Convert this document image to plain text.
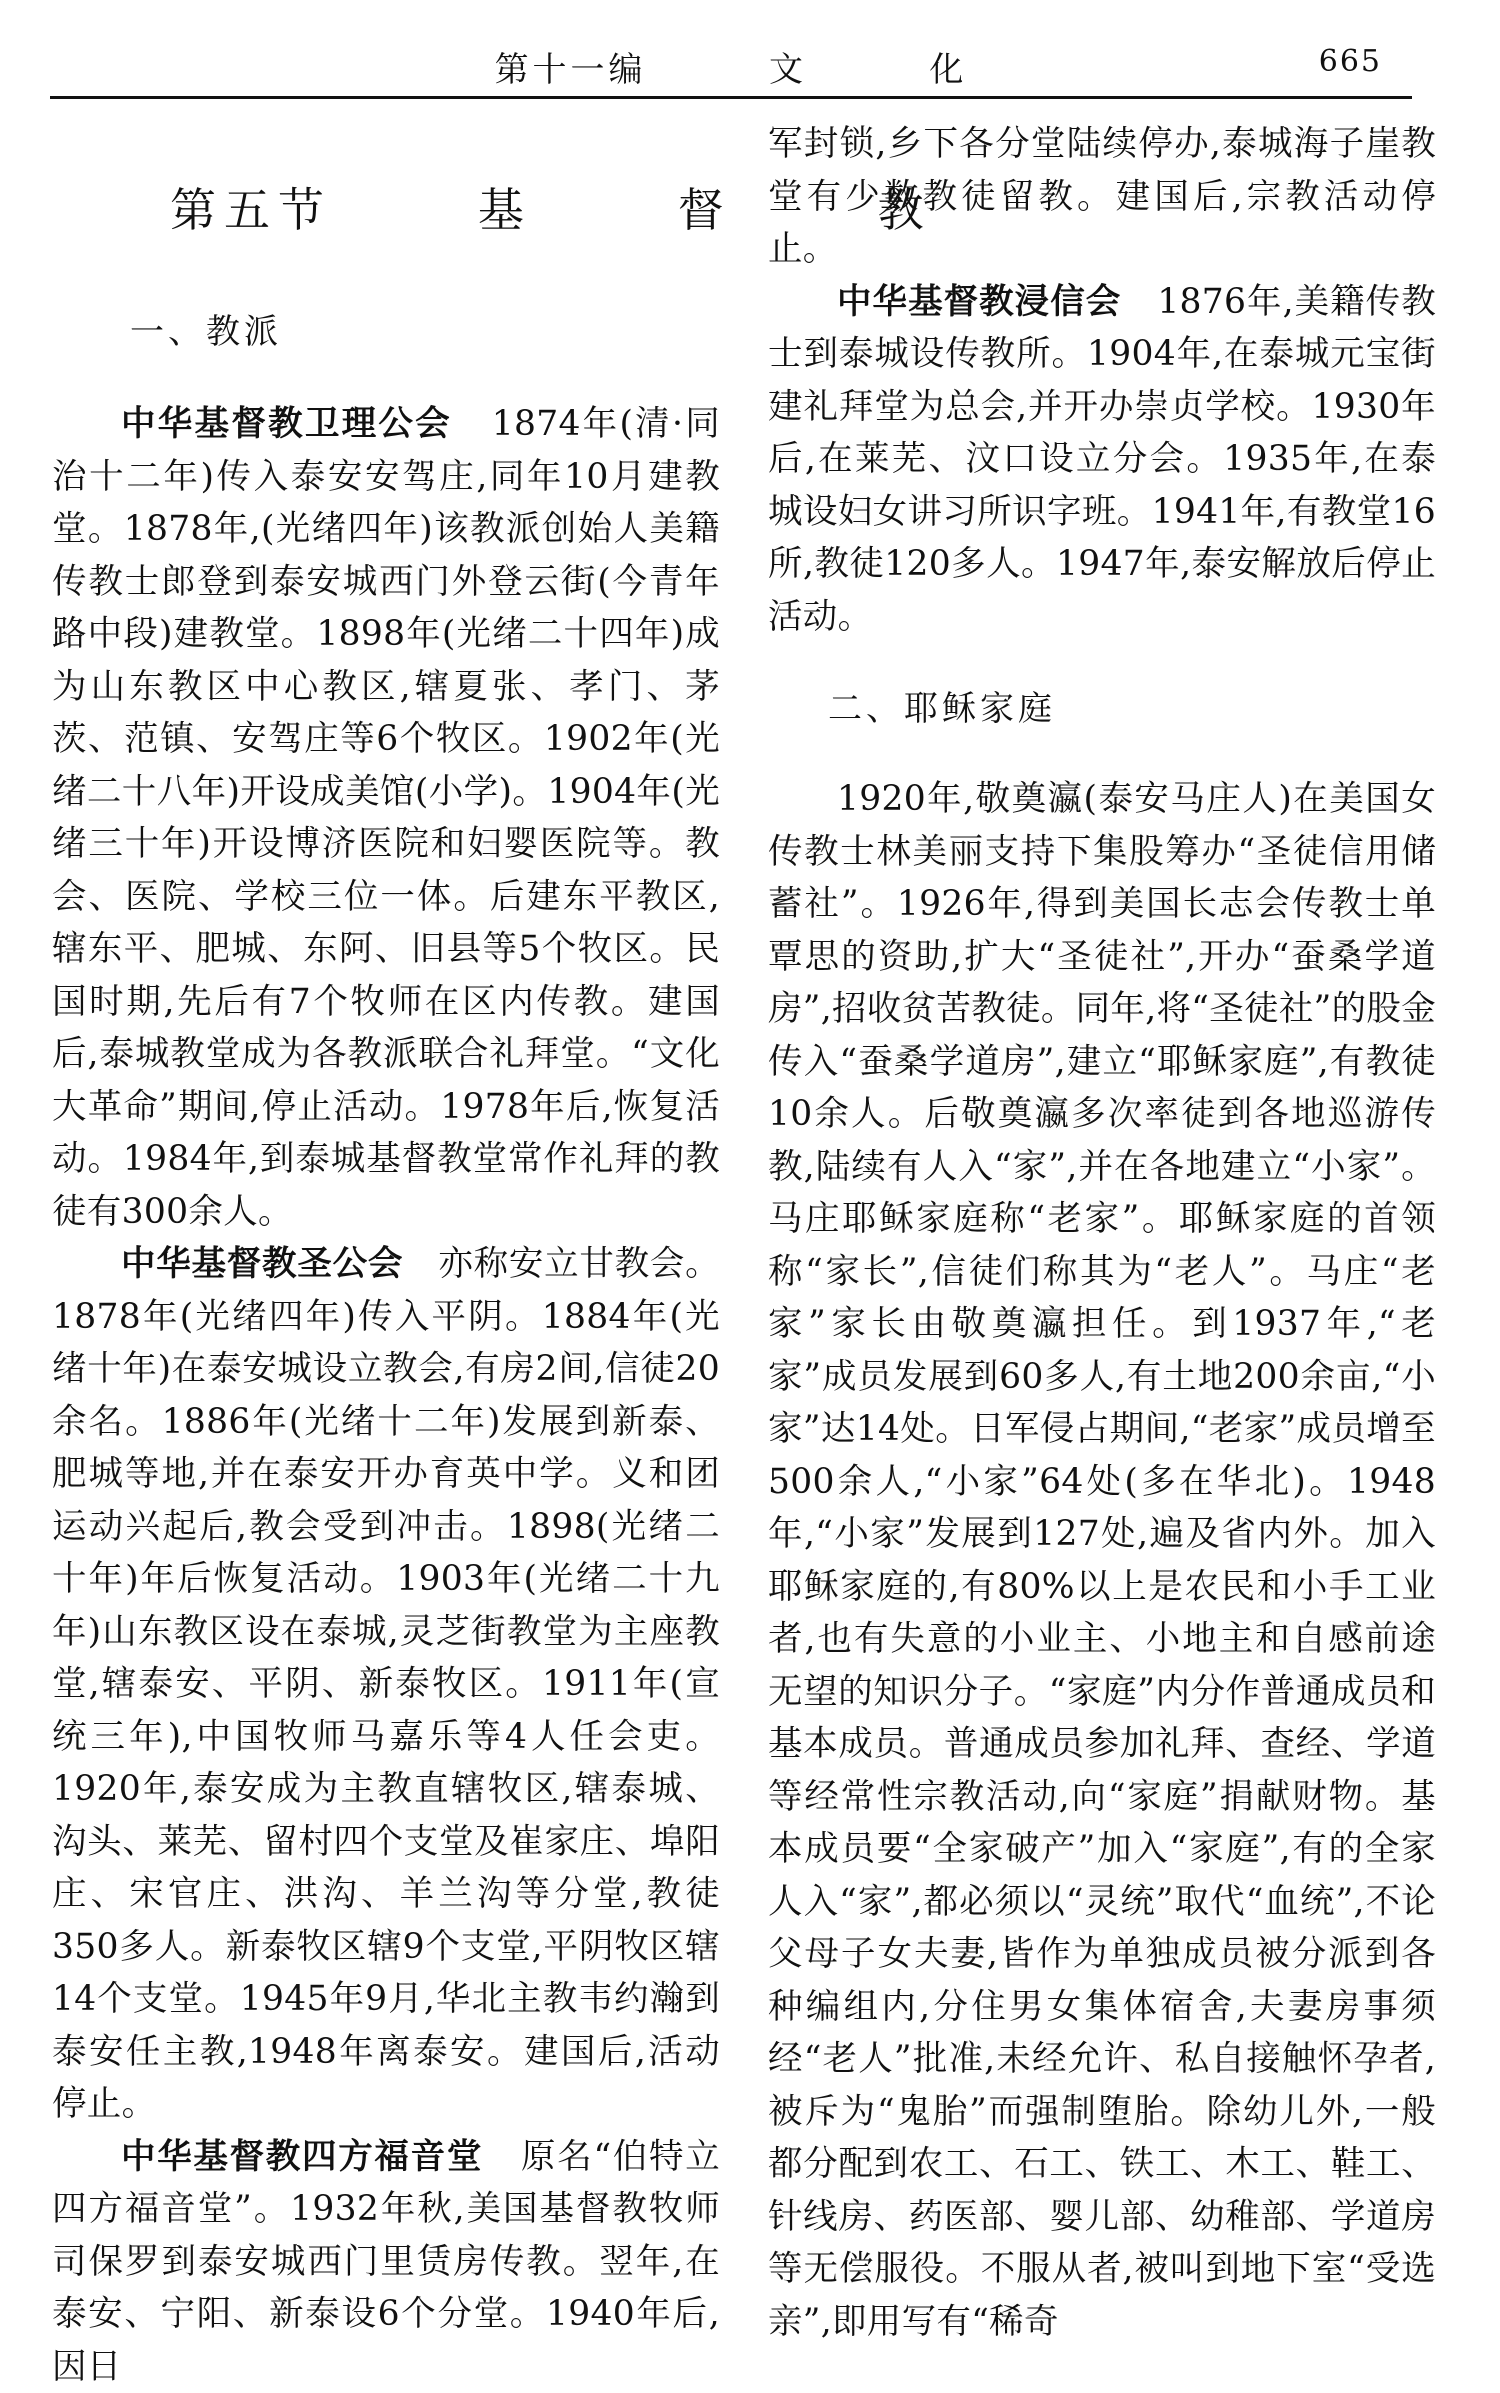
第十一编   文   化	665
第五节   基   督   教
一、教派

中华基督教卫理公会 1874年(清·同治十二年)传入泰安安驾庄,同年10月建教堂。1878年,(光绪四年)该教派创始人美籍传教士郎登到泰安城西门外登云街(今青年路中段)建教堂。1898年(光绪二十四年)成为山东教区中心教区,辖夏张、孝门、茅茨、范镇、安驾庄等6个牧区。1902年(光绪二十八年)开设成美馆(小学)。1904年(光绪三十年)开设博济医院和妇婴医院等。教会、医院、学校三位一体。后建东平教区,辖东平、肥城、东阿、旧县等5个牧区。民国时期,先后有7个牧师在区内传教。建国后,泰城教堂成为各教派联合礼拜堂。“文化大革命”期间,停止活动。1978年后,恢复活动。1984年,到泰城基督教堂常作礼拜的教徒有300余人。

中华基督教圣公会 亦称安立甘教会。1878年(光绪四年)传入平阴。1884年(光绪十年)在泰安城设立教会,有房2间,信徒20余名。1886年(光绪十二年)发展到新泰、肥城等地,并在泰安开办育英中学。义和团运动兴起后,教会受到冲击。1898(光绪二十年)年后恢复活动。1903年(光绪二十九年)山东教区设在泰城,灵芝街教堂为主座教堂,辖泰安、平阴、新泰牧区。1911年(宣统三年),中国牧师马嘉乐等4人任会吏。1920年,泰安成为主教直辖牧区,辖泰城、沟头、莱芜、留村四个支堂及崔家庄、埠阳庄、宋官庄、洪沟、羊兰沟等分堂,教徒350多人。新泰牧区辖9个支堂,平阴牧区辖14个支堂。1945年9月,华北主教韦约瀚到泰安任主教,1948年离泰安。建国后,活动停止。

中华基督教四方福音堂 原名“伯特立四方福音堂”。1932年秋,美国基督教牧师司保罗到泰安城西门里赁房传教。翌年,在泰安、宁阳、新泰设6个分堂。1940年后,因日

军封锁,乡下各分堂陆续停办,泰城海子崖教堂有少数教徒留教。建国后,宗教活动停止。

中华基督教浸信会 1876年,美籍传教士到泰城设传教所。1904年,在泰城元宝街建礼拜堂为总会,并开办崇贞学校。1930年后,在莱芜、汶口设立分会。1935年,在泰城设妇女讲习所识字班。1941年,有教堂16所,教徒120多人。1947年,泰安解放后停止活动。

二、耶稣家庭

1920年,敬奠瀛(泰安马庄人)在美国女传教士林美丽支持下集股筹办“圣徒信用储蓄社”。1926年,得到美国长志会传教士单覃思的资助,扩大“圣徒社”,开办“蚕桑学道房”,招收贫苦教徒。同年,将“圣徒社”的股金传入“蚕桑学道房”,建立“耶稣家庭”,有教徒10余人。后敬奠瀛多次率徒到各地巡游传教,陆续有人入“家”,并在各地建立“小家”。马庄耶稣家庭称“老家”。耶稣家庭的首领称“家长”,信徒们称其为“老人”。马庄“老家”家长由敬奠瀛担任。到1937年,“老家”成员发展到60多人,有土地200余亩,“小家”达14处。日军侵占期间,“老家”成员增至500余人,“小家”64处(多在华北)。1948年,“小家”发展到127处,遍及省内外。加入耶稣家庭的,有80%以上是农民和小手工业者,也有失意的小业主、小地主和自感前途无望的知识分子。“家庭”内分作普通成员和基本成员。普通成员参加礼拜、查经、学道等经常性宗教活动,向“家庭”捐献财物。基本成员要“全家破产”加入“家庭”,有的全家人入“家”,都必须以“灵统”取代“血统”,不论父母子女夫妻,皆作为单独成员被分派到各种编组内,分住男女集体宿舍,夫妻房事须经“老人”批准,未经允许、私自接触怀孕者,被斥为“鬼胎”而强制堕胎。除幼儿外,一般都分配到农工、石工、铁工、木工、鞋工、针线房、药医部、婴儿部、幼稚部、学道房等无偿服役。不服从者,被叫到地下室“受选亲”,即用写有“稀奇
